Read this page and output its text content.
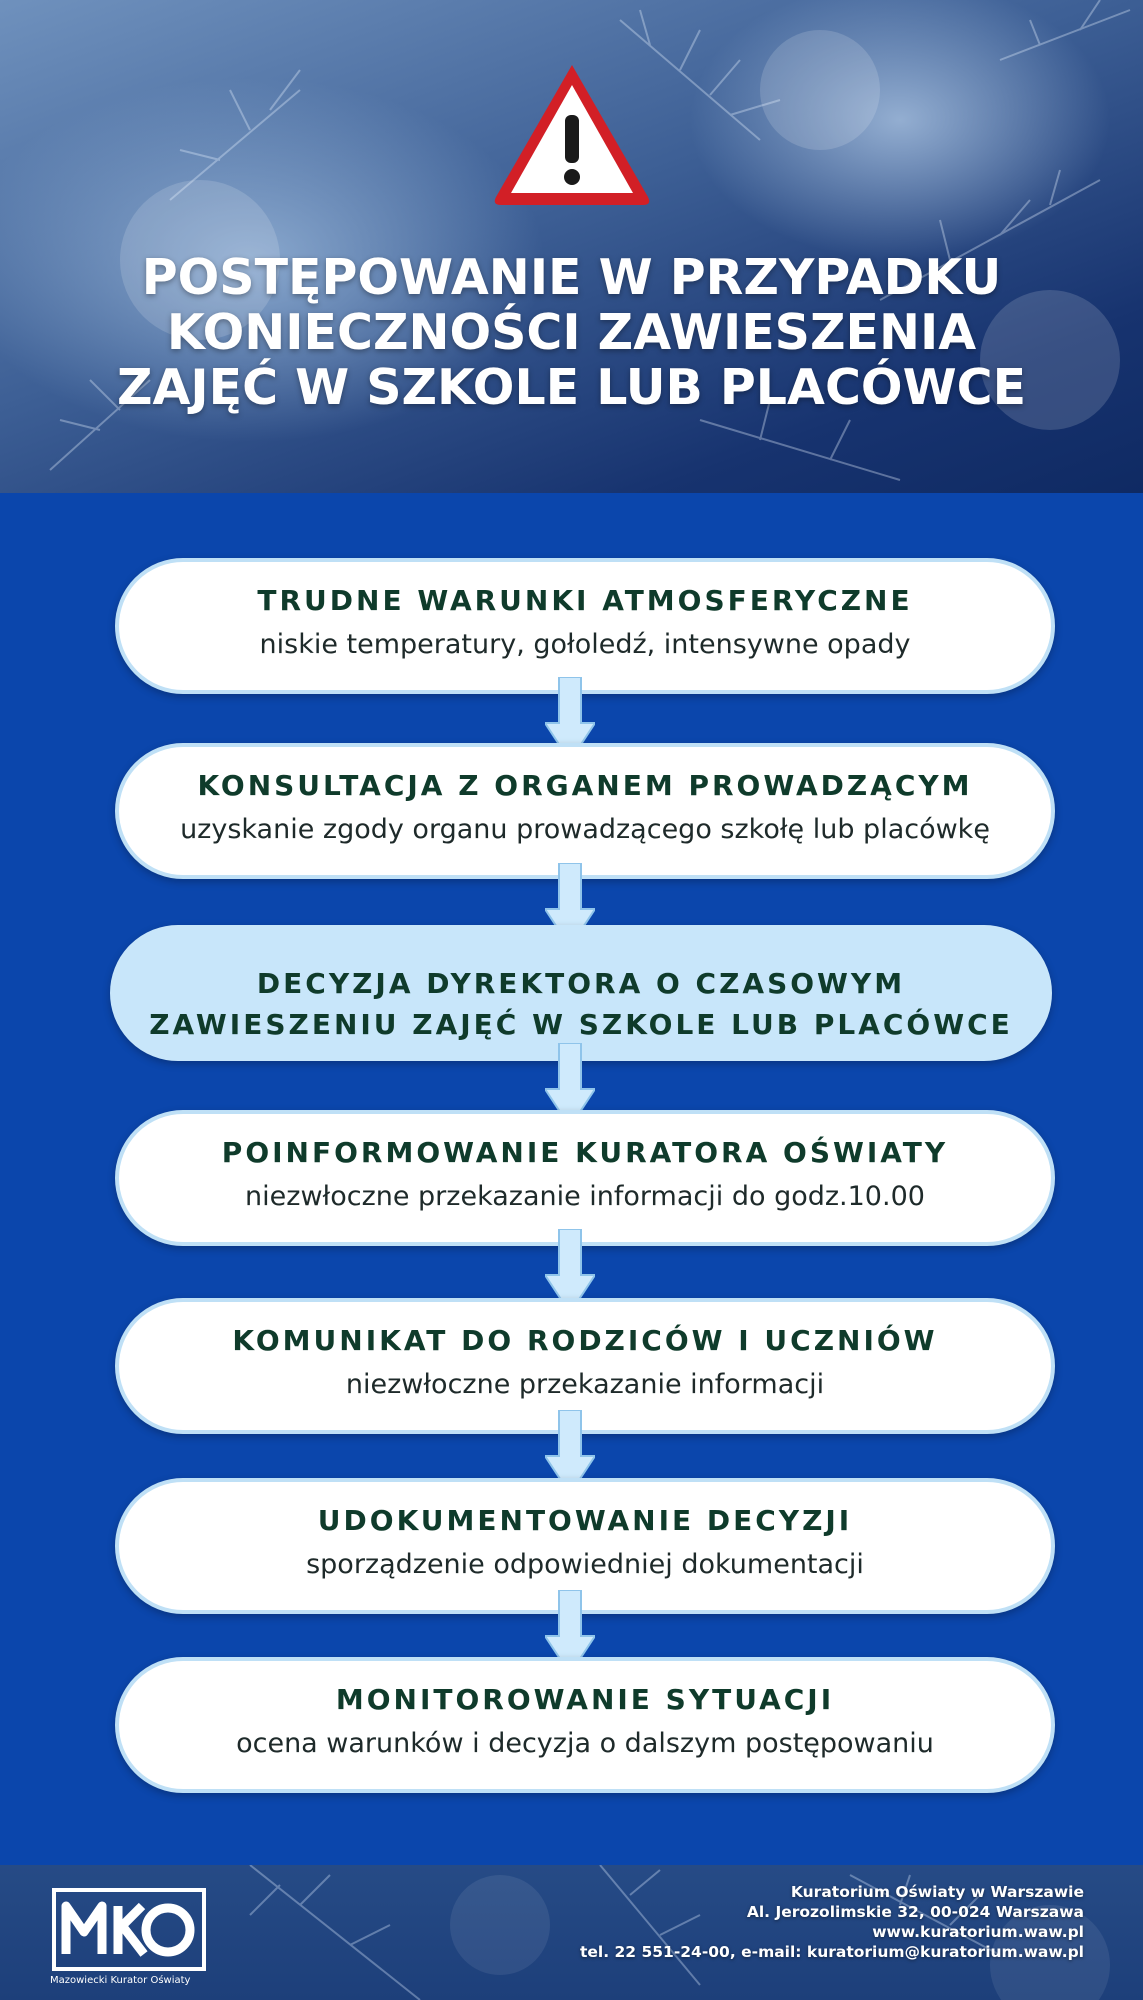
POSTĘPOWANIE W PRZYPADKU
KONIECZNOŚCI ZAWIESZENIA
ZAJĘĆ W SZKOLE LUB PLACÓWCE
TRUDNE WARUNKI ATMOSFERYCZNE
niskie temperatury, gołoledź, intensywne opady
KONSULTACJA Z ORGANEM PROWADZĄCYM
uzyskanie zgody organu prowadzącego szkołę lub placówkę
DECYZJA DYREKTORA O CZASOWYM
ZAWIESZENIU ZAJĘĆ W SZKOLE LUB PLACÓWCE
POINFORMOWANIE KURATORA OŚWIATY
niezwłoczne przekazanie informacji do godz.10.00
KOMUNIKAT DO RODZICÓW I UCZNIÓW
niezwłoczne przekazanie informacji
UDOKUMENTOWANIE DECYZJI
sporządzenie odpowiedniej dokumentacji
MONITOROWANIE SYTUACJI
ocena warunków i decyzja o dalszym postępowaniu
Mazowiecki Kurator Oświaty
Kuratorium Oświaty w Warszawie
Al. Jerozolimskie 32, 00-024 Warszawa
www.kuratorium.waw.pl
tel. 22 551-24-00, e-mail: kuratorium@kuratorium.waw.pl
